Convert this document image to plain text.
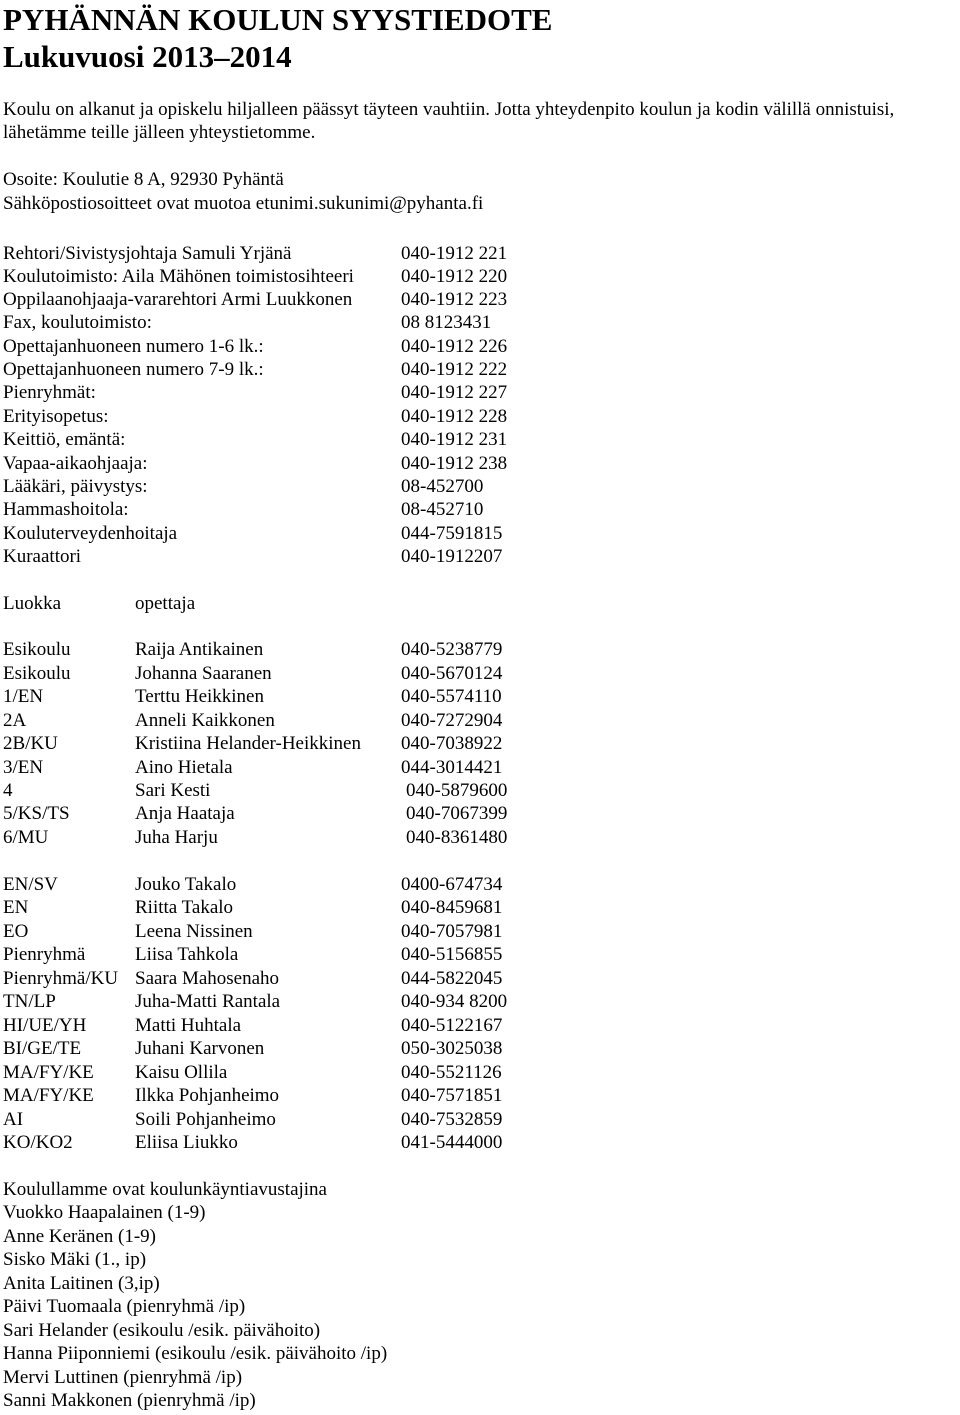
PYHÄNNÄN KOULUN SYYSTIEDOTE
Lukuvuosi 2013–2014
Koulu on alkanut ja opiskelu hiljalleen päässyt täyteen vauhtiin. Jotta yhteydenpito koulun ja kodin välillä onnistuisi,
lähetämme teille jälleen yhteystietomme.
Osoite: Koulutie 8 A, 92930 Pyhäntä
Sähköpostiosoitteet ovat muotoa etunimi.sukunimi@pyhanta.fi
Rehtori/Sivistysjohtaja Samuli Yrjänä	040-1912 221
Koulutoimisto: Aila Mähönen toimistosihteeri 040-1912 220
Oppilaanohjaaja-vararehtori Armi Luukkonen	040-1912 223
Fax, koulutoimisto:	08 8123431
Opettajanhuoneen numero 1-6 lk.:	040-1912 226
Opettajanhuoneen numero 7-9 lk.:	040-1912 222
Pienryhmät:	040-1912 227
Erityisopetus:	040-1912 228
Keittiö, emäntä:	040-1912 231
Vapaa-aikaohjaaja:	040-1912 238
Lääkäri, päivystys:	08-452700
Hammashoitola:	08-452710
Kouluterveydenhoitaja	044-7591815
Kuraattori	040-1912207
Luokka	opettaja
Esikoulu	Raija Antikainen	040-5238779
Esikoulu	Johanna Saaranen	040-5670124
1/EN	Terttu Heikkinen	040-5574110
2A	Anneli Kaikkonen	040-7272904
2B/KU	Kristiina Helander-Heikkinen 040-7038922
3/EN	Aino Hietala	044-3014421
4	Sari Kesti	040-5879600
5/KS/TS	Anja Haataja	040-7067399
6/MU	Juha Harju	040-8361480
EN/SV	Jouko Takalo	0400-674734
EN	Riitta Takalo	040-8459681
EO	Leena Nissinen	040-7057981
Pienryhmä	Liisa Tahkola	040-5156855
Pienryhmä/KU Saara Mahosenaho	044-5822045
TN/LP	Juha-Matti Rantala	040-934 8200
HI/UE/YH	Matti Huhtala	040-5122167
BI/GE/TE	Juhani Karvonen	050-3025038
MA/FY/KE Kaisu Ollila	040-5521126
MA/FY/KE Ilkka Pohjanheimo	040-7571851
AI	Soili Pohjanheimo	040-7532859
KO/KO2	Eliisa Liukko	041-5444000
Koulullamme ovat koulunkäyntiavustajina
Vuokko Haapalainen (1-9)
Anne Keränen (1-9)
Sisko Mäki (1., ip)
Anita Laitinen (3,ip)
Päivi Tuomaala (pienryhmä /ip)
Sari Helander (esikoulu /esik. päivähoito)
Hanna Piiponniemi (esikoulu /esik. päivähoito /ip)
Mervi Luttinen (pienryhmä /ip)
Sanni Makkonen (pienryhmä /ip)
